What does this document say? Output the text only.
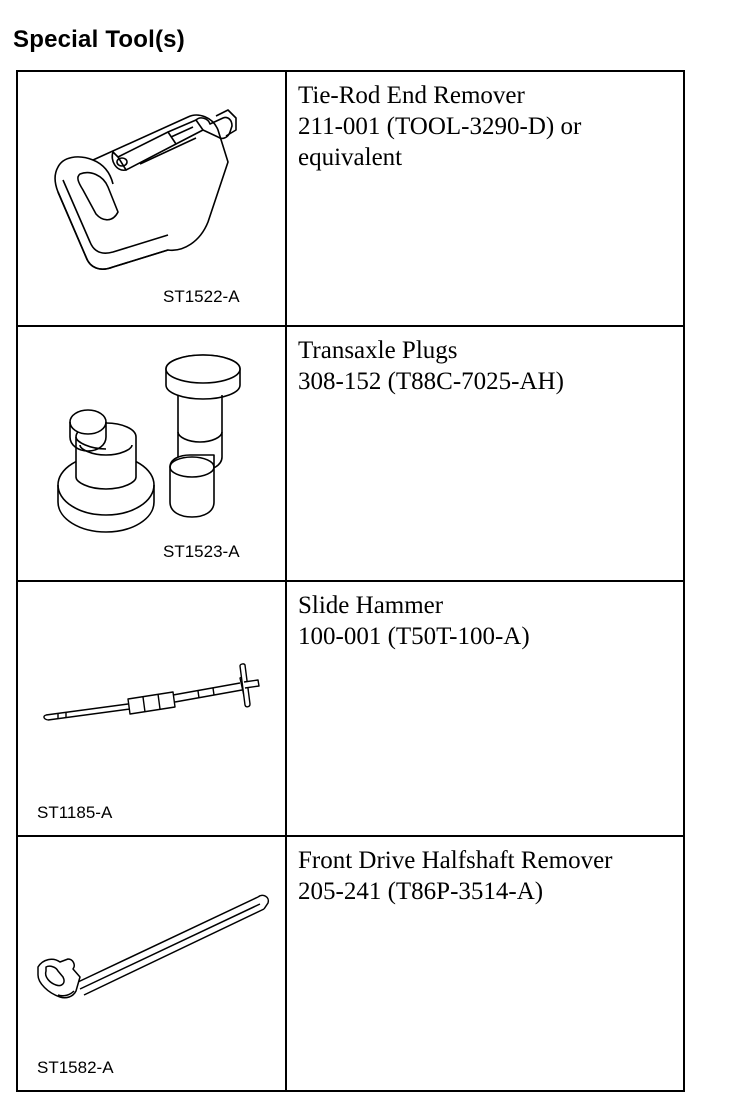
Special Tool(s)
ST1522-A	Tie-Rod End Remover
211-001 (TOOL-3290-D) or
equivalent

ST1523-A	Transaxle Plugs
308-152 (T88C-7025-AH)

ST1185-A	Slide Hammer
100-001 (T50T-100-A)

ST1582-A	Front Drive Halfshaft Remover
205-241 (T86P-3514-A)
